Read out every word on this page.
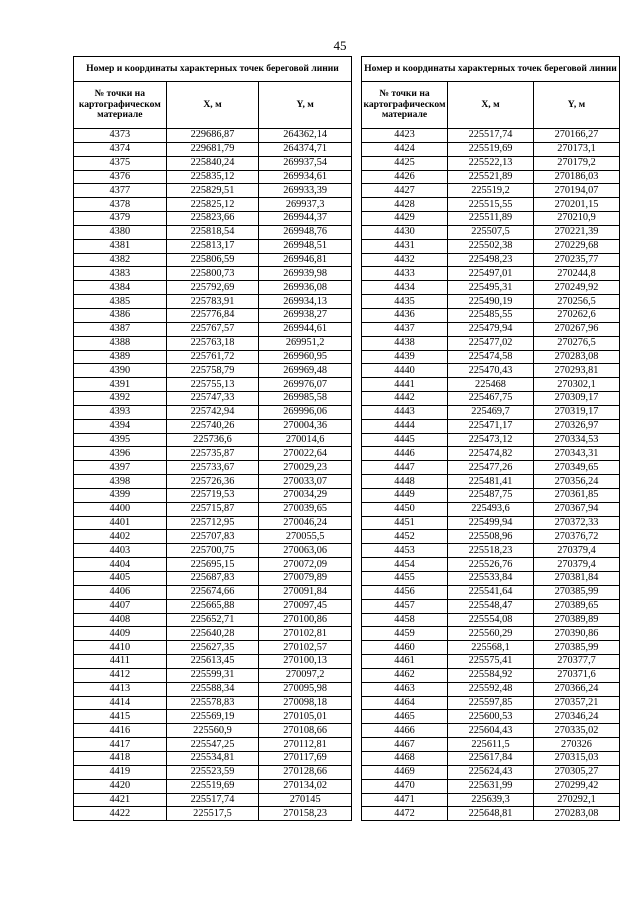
45
Номер и координаты характерных точек береговой линии		
№ точки на картографическом материале	X, м	Y, м
4373	229686,87	264362,14
4374	229681,79	264374,71
4375	225840,24	269937,54
4376	225835,12	269934,61
4377	225829,51	269933,39
4378	225825,12	269937,3
4379	225823,66	269944,37
4380	225818,54	269948,76
4381	225813,17	269948,51
4382	225806,59	269946,81
4383	225800,73	269939,98
4384	225792,69	269936,08
4385	225783,91	269934,13
4386	225776,84	269938,27
4387	225767,57	269944,61
4388	225763,18	269951,2
4389	225761,72	269960,95
4390	225758,79	269969,48
4391	225755,13	269976,07
4392	225747,33	269985,58
4393	225742,94	269996,06
4394	225740,26	270004,36
4395	225736,6	270014,6
4396	225735,87	270022,64
4397	225733,67	270029,23
4398	225726,36	270033,07
4399	225719,53	270034,29
4400	225715,87	270039,65
4401	225712,95	270046,24
4402	225707,83	270055,5
4403	225700,75	270063,06
4404	225695,15	270072,09
4405	225687,83	270079,89
4406	225674,66	270091,84
4407	225665,88	270097,45
4408	225652,71	270100,86
4409	225640,28	270102,81
4410	225627,35	270102,57
4411	225613,45	270100,13
4412	225599,31	270097,2
4413	225588,34	270095,98
4414	225578,83	270098,18
4415	225569,19	270105,01
4416	225560,9	270108,66
4417	225547,25	270112,81
4418	225534,81	270117,69
4419	225523,59	270128,66
4420	225519,69	270134,02
4421	225517,74	270145
4422	225517,5	270158,23
Номер и координаты характерных точек береговой линии		
№ точки на картографическом материале	X, м	Y, м
4423	225517,74	270166,27
4424	225519,69	270173,1
4425	225522,13	270179,2
4426	225521,89	270186,03
4427	225519,2	270194,07
4428	225515,55	270201,15
4429	225511,89	270210,9
4430	225507,5	270221,39
4431	225502,38	270229,68
4432	225498,23	270235,77
4433	225497,01	270244,8
4434	225495,31	270249,92
4435	225490,19	270256,5
4436	225485,55	270262,6
4437	225479,94	270267,96
4438	225477,02	270276,5
4439	225474,58	270283,08
4440	225470,43	270293,81
4441	225468	270302,1
4442	225467,75	270309,17
4443	225469,7	270319,17
4444	225471,17	270326,97
4445	225473,12	270334,53
4446	225474,82	270343,31
4447	225477,26	270349,65
4448	225481,41	270356,24
4449	225487,75	270361,85
4450	225493,6	270367,94
4451	225499,94	270372,33
4452	225508,96	270376,72
4453	225518,23	270379,4
4454	225526,76	270379,4
4455	225533,84	270381,84
4456	225541,64	270385,99
4457	225548,47	270389,65
4458	225554,08	270389,89
4459	225560,29	270390,86
4460	225568,1	270385,99
4461	225575,41	270377,7
4462	225584,92	270371,6
4463	225592,48	270366,24
4464	225597,85	270357,21
4465	225600,53	270346,24
4466	225604,43	270335,02
4467	225611,5	270326
4468	225617,84	270315,03
4469	225624,43	270305,27
4470	225631,99	270299,42
4471	225639,3	270292,1
4472	225648,81	270283,08
